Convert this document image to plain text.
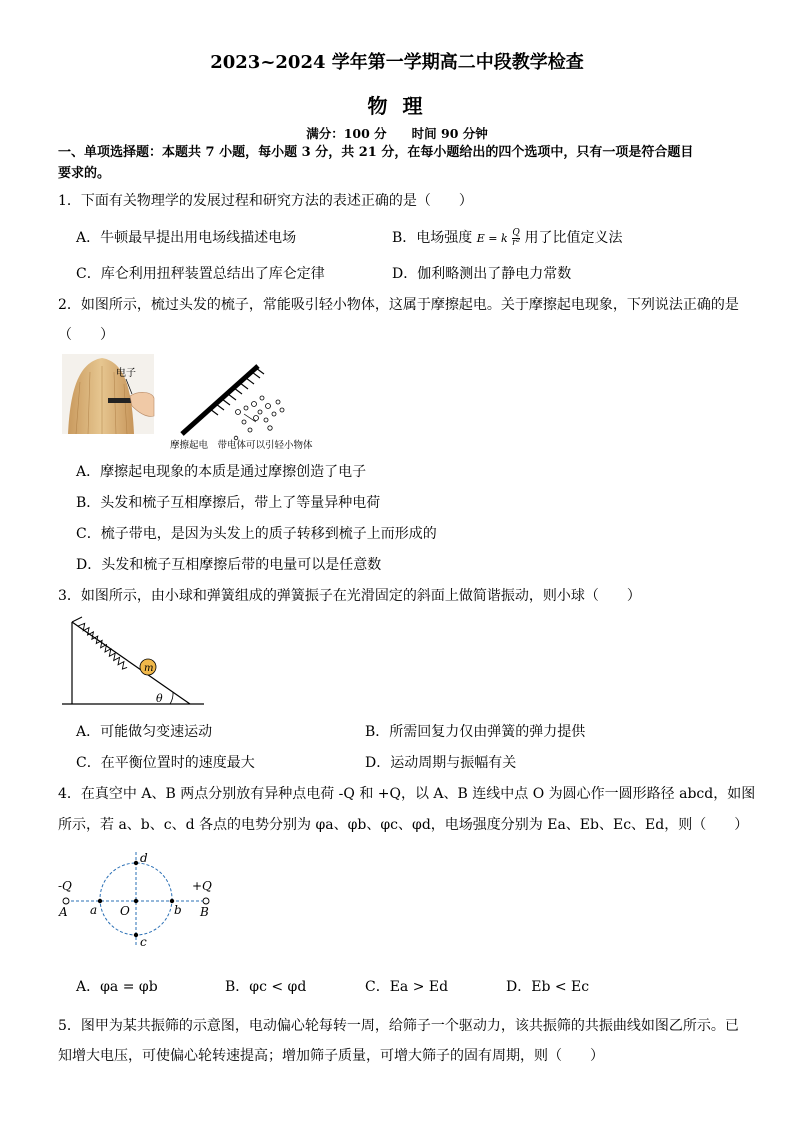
2023~2024 学年第一学期高二中段教学检查
物 理
满分：100 分　　时间 90 分钟
一、单项选择题：本题共 7 小题，每小题 3 分，共 21 分，在每小题给出的四个选项中，只有一项是符合题目
要求的。
1．下面有关物理学的发展过程和研究方法的表述正确的是（　　）
A．牛顿最早提出用电场线描述电场	B．电场强度 E = k $\frac{Q}{\text{r²}}$ 用了比值定义法
C．库仑利用扭秤装置总结出了库仑定律	D．伽利略测出了静电力常数
2．如图所示，梳过头发的梳子，常能吸引轻小物体，这属于摩擦起电。关于摩擦起电现象，下列说法正确的是
（　　）
电子
摩擦起电　带电体可以引轻小物体
A．摩擦起电现象的本质是通过摩擦创造了电子
B．头发和梳子互相摩擦后，带上了等量异种电荷
C．梳子带电，是因为头发上的质子转移到梳子上而形成的
D．头发和梳子互相摩擦后带的电量可以是任意数
3．如图所示，由小球和弹簧组成的弹簧振子在光滑固定的斜面上做简谐振动，则小球（　　）
m
θ
A．可能做匀变速运动	B．所需回复力仅由弹簧的弹力提供
C．在平衡位置时的速度最大	D．运动周期与振幅有关
4．在真空中 A、B 两点分别放有异种点电荷 -Q 和 +Q，以 A、B 连线中点 O 为圆心作一圆形路径 abcd，如图
所示，若 a、b、c、d 各点的电势分别为 φa、φb、φc、φd，电场强度分别为 Ea、Eb、Ec、Ed，则（　　）
-Q	+Q
A	B
O
a	b
c
d
A．φa = φb	B．φc < φd	C．Ea > Ed	D．Eb < Ec
5．图甲为某共振筛的示意图，电动偏心轮每转一周，给筛子一个驱动力，该共振筛的共振曲线如图乙所示。已
知增大电压，可使偏心轮转速提高；增加筛子质量，可增大筛子的固有周期，则（　　）
